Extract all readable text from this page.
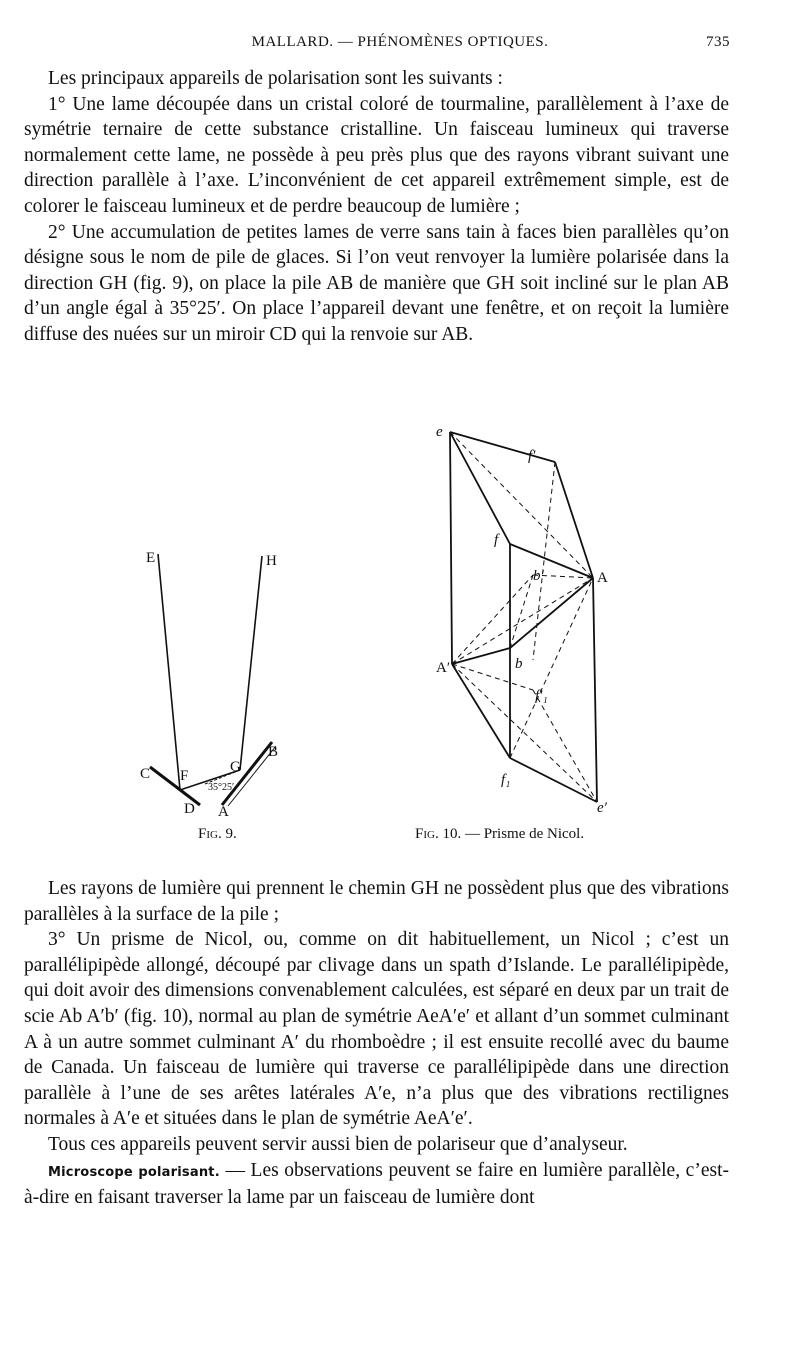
MALLARD. — PHÉNOMÈNES OPTIQUES.	735

Les principaux appareils de polarisation sont les suivants :

1° Une lame découpée dans un cristal coloré de tourmaline, parallèlement à l’axe de symétrie ternaire de cette substance cristalline. Un faisceau lumineux qui traverse normalement cette lame, ne possède à peu près plus que des rayons vibrant suivant une direction parallèle à l’axe. L’inconvénient de cet appareil extrêmement simple, est de colorer le faisceau lumineux et de perdre beaucoup de lumière ;

2° Une accumulation de petites lames de verre sans tain à faces bien parallèles qu’on désigne sous le nom de pile de glaces. Si l’on veut renvoyer la lumière polarisée dans la direction GH (fig. 9), on place la pile AB de manière que GH soit incliné sur le plan AB d’un angle égal à 35°25′. On place l’appareil devant une fenêtre, et on reçoit la lumière diffuse des nuées sur un miroir CD qui la renvoie sur AB.

E	H
B
G
C F
D A
35°25′
e
f′
f
b′	A
A′	b
f′₁
f₁
e′
Fig. 9.	Fig. 10. — Prisme de Nicol.

Les rayons de lumière qui prennent le chemin GH ne possèdent plus que des vibrations parallèles à la surface de la pile ;

3° Un prisme de Nicol, ou, comme on dit habituellement, un Nicol ; c’est un parallélipipède allongé, découpé par clivage dans un spath d’Islande. Le parallélipipède, qui doit avoir des dimensions convenablement calculées, est séparé en deux par un trait de scie Ab A′b′ (fig. 10), normal au plan de symétrie AeA′e′ et allant d’un sommet culminant A à un autre sommet culminant A′ du rhomboèdre ; il est ensuite recollé avec du baume de Canada. Un faisceau de lumière qui traverse ce parallélipipède dans une direction parallèle à l’une de ses arêtes latérales A′e, n’a plus que des vibrations rectilignes normales à A′e et situées dans le plan de symétrie AeA′e′.

Tous ces appareils peuvent servir aussi bien de polariseur que d’analyseur.

Microscope polarisant. — Les observations peuvent se faire en lumière parallèle, c’est-à-dire en faisant traverser la lame par un faisceau de lumière dont
